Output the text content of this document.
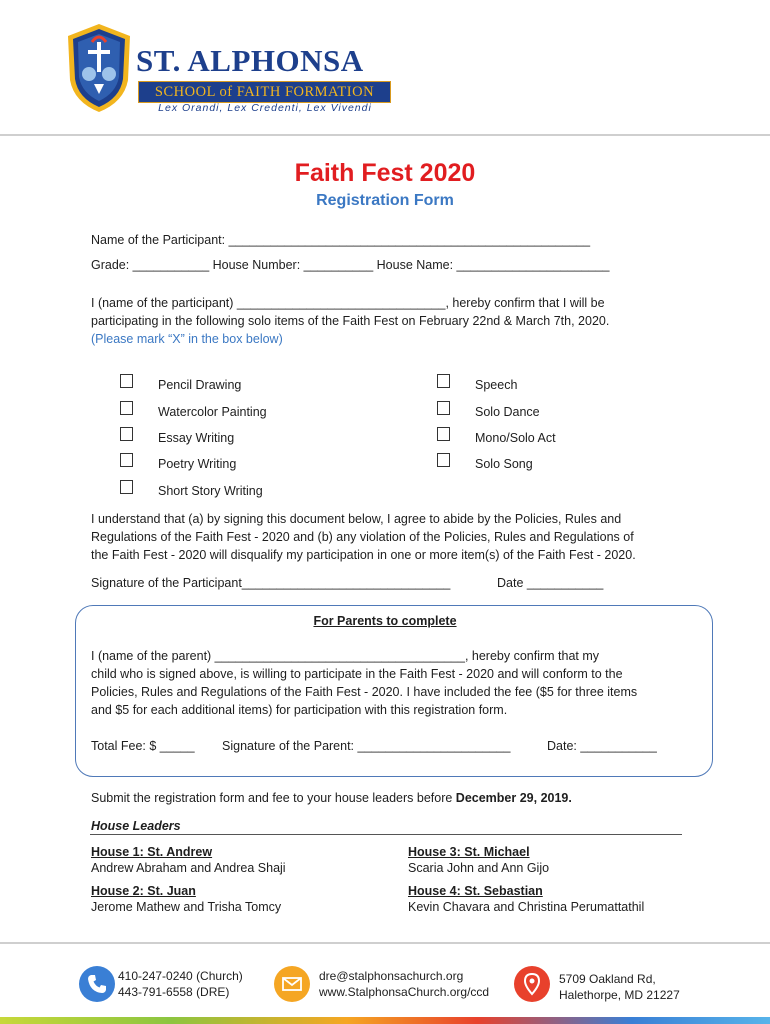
ST. ALPHONSA
SCHOOL of FAITH FORMATION
Lex Orandi, Lex Credenti, Lex Vivendi
Faith Fest 2020
Registration Form
Name of the Participant: ____________________________________________________
Grade: ___________ House Number: __________ House Name: ______________________
I (name of the participant) ______________________________, hereby confirm that I will be
participating in the following solo items of the Faith Fest on February 22nd & March 7th, 2020.
(Please mark “X” in the box below)
Pencil Drawing
Watercolor Painting
Essay Writing
Poetry Writing
Short Story Writing
Speech
Solo Dance
Mono/Solo Act
Solo Song
I understand that (a) by signing this document below, I agree to abide by the Policies, Rules and
Regulations of the Faith Fest - 2020 and (b) any violation of the Policies, Rules and Regulations of
the Faith Fest - 2020 will disqualify my participation in one or more item(s) of the Faith Fest - 2020.
Signature of the Participant______________________________	Date ___________
For Parents to complete
I (name of the parent) ____________________________________, hereby confirm that my
child who is signed above, is willing to participate in the Faith Fest - 2020 and will conform to the
Policies, Rules and Regulations of the Faith Fest - 2020. I have included the fee ($5 for three items
and $5 for each additional items) for participation with this registration form.
Total Fee: $ _____ Signature of the Parent: ______________________	Date: ___________
Submit the registration form and fee to your house leaders before December 29, 2019.
House Leaders
House 1: St. Andrew
Andrew Abraham and Andrea Shaji
House 2: St. Juan
Jerome Mathew and Trisha Tomcy
House 3: St. Michael
Scaria John and Ann Gijo
House 4: St. Sebastian
Kevin Chavara and Christina Perumattathil
410-247-0240 (Church)
443-791-6558 (DRE)
dre@stalphonsachurch.org
www.StalphonsaChurch.org/ccd
5709 Oakland Rd,
Halethorpe, MD 21227
